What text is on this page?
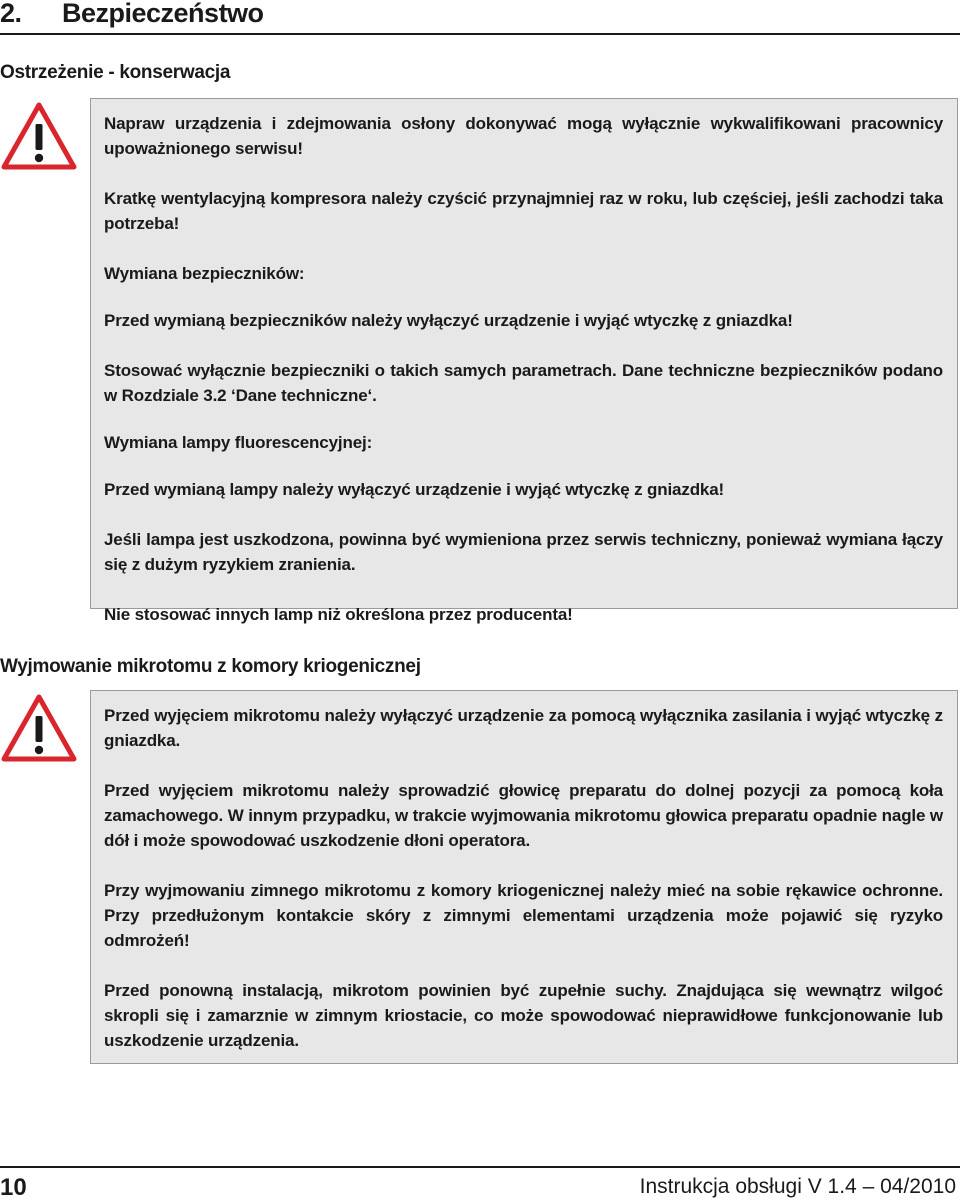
2. Bezpieczeństwo
Ostrzeżenie - konserwacja

Napraw urządzenia i zdejmowania osłony dokonywać mogą wyłącznie wykwalifikowani pracownicy upoważnionego serwisu!

Kratkę wentylacyjną kompresora należy czyścić przynajmniej raz w roku, lub częściej, jeśli zachodzi taka potrzeba!

Wymiana bezpieczników:

Przed wymianą bezpieczników należy wyłączyć urządzenie i wyjąć wtyczkę z gniazdka!

Stosować wyłącznie bezpieczniki o takich samych parametrach. Dane techniczne bezpieczników podano w Rozdziale 3.2 ‘Dane techniczne‘.

Wymiana lampy fluorescencyjnej:

Przed wymianą lampy należy wyłączyć urządzenie i wyjąć wtyczkę z gniazdka!

Jeśli lampa jest uszkodzona, powinna być wymieniona przez serwis techniczny, ponieważ wymiana łączy się z dużym ryzykiem zranienia.

Nie stosować innych lamp niż określona przez producenta!

Wyjmowanie mikrotomu z komory kriogenicznej

Przed wyjęciem mikrotomu należy wyłączyć urządzenie za pomocą wyłącznika zasilania i wyjąć wtyczkę z gniazdka.

Przed wyjęciem mikrotomu należy sprowadzić głowicę preparatu do dolnej pozycji za pomocą koła zamachowego. W innym przypadku, w trakcie wyjmowania mikrotomu głowica preparatu opadnie nagle w dół i może spowodować uszkodzenie dłoni operatora.

Przy wyjmowaniu zimnego mikrotomu z komory kriogenicznej należy mieć na sobie rękawice ochronne. Przy przedłużonym kontakcie skóry z zimnymi elementami urządzenia może pojawić się ryzyko odmrożeń!

Przed ponowną instalacją, mikrotom powinien być zupełnie suchy. Znajdująca się wewnątrz wilgoć skropli się i zamarznie w zimnym kriostacie, co może spowodować nieprawidłowe funkcjonowanie lub uszkodzenie urządzenia.

10	Instrukcja obsługi V 1.4 – 04/2010
